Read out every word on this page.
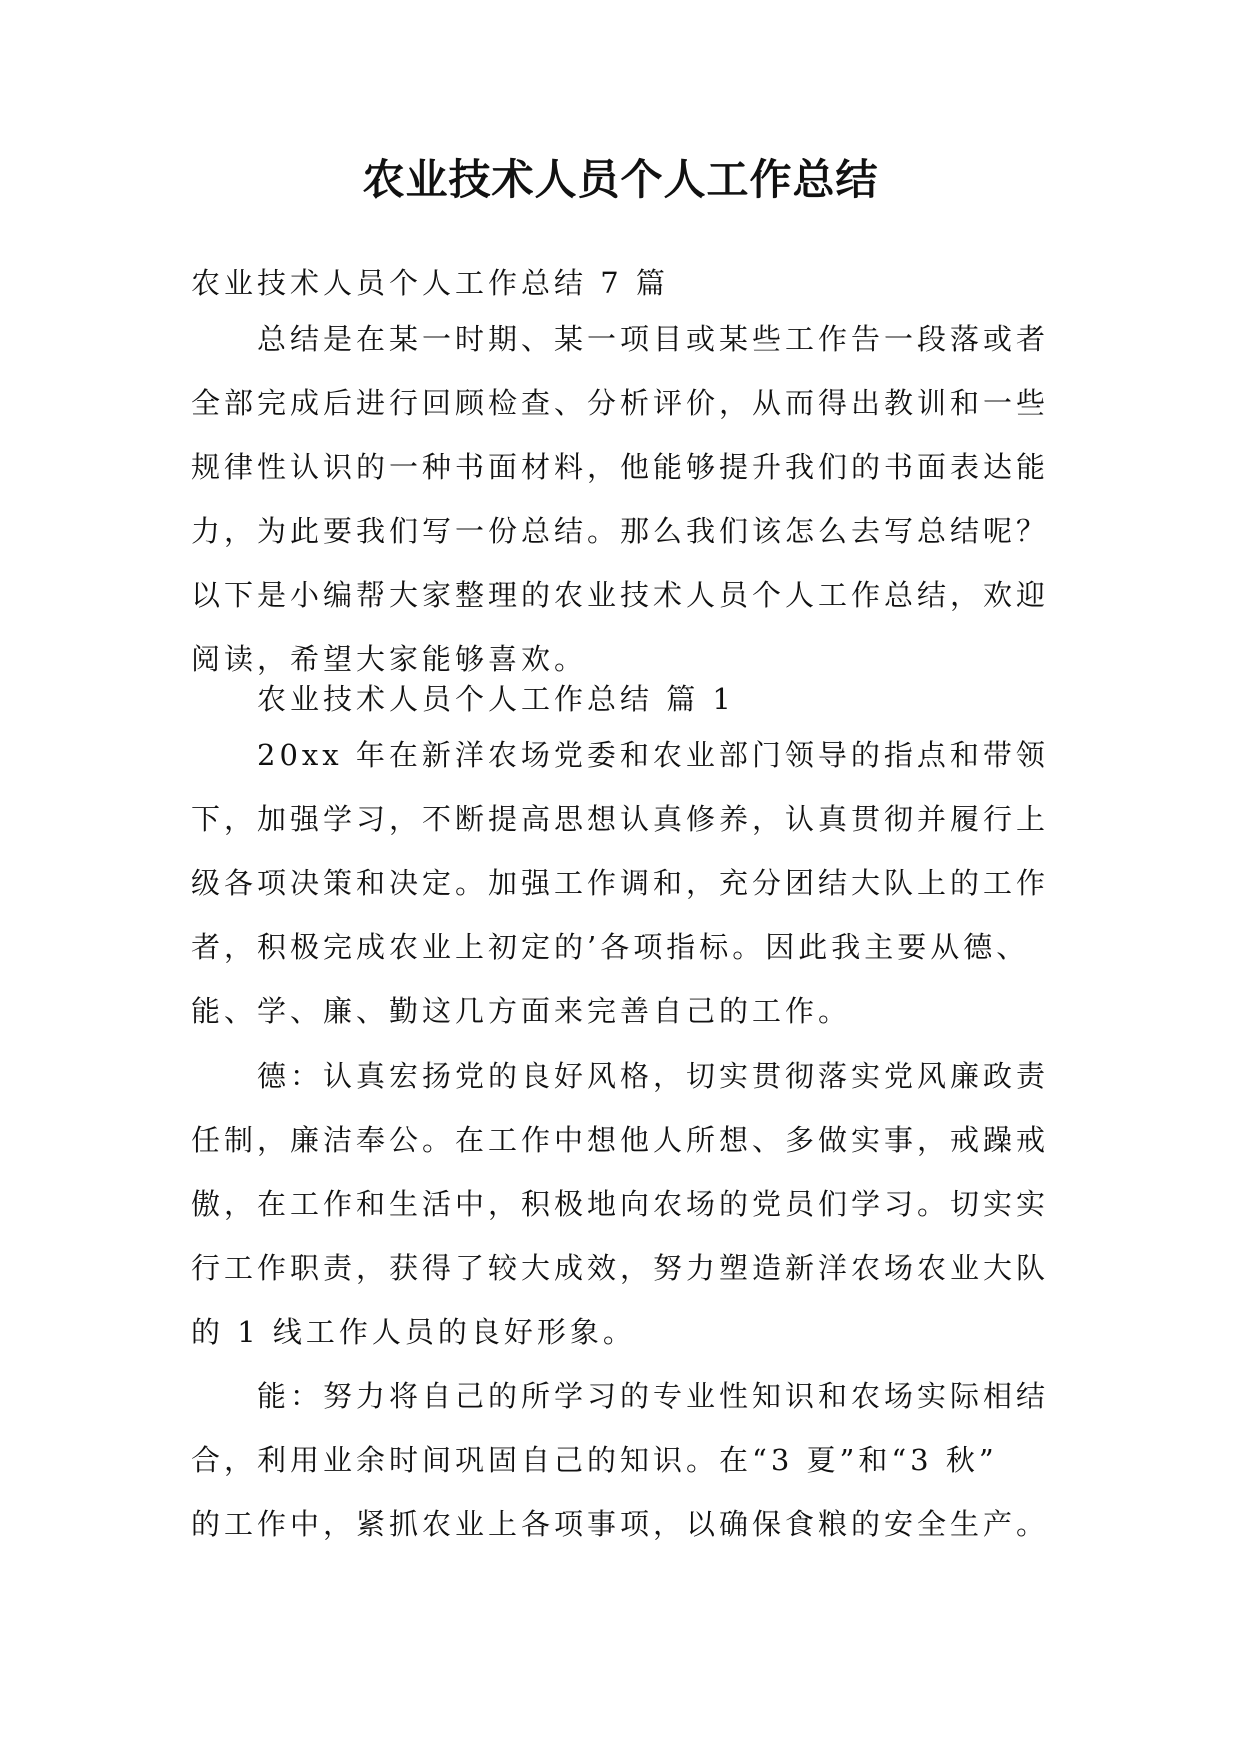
农业技术人员个人工作总结
农业技术人员个人工作总结 7 篇
　　总结是在某一时期、某一项目或某些工作告一段落或者
全部完成后进行回顾检查、分析评价，从而得出教训和一些
规律性认识的一种书面材料，他能够提升我们的书面表达能
力，为此要我们写一份总结。那么我们该怎么去写总结呢？
以下是小编帮大家整理的农业技术人员个人工作总结，欢迎
阅读，希望大家能够喜欢。
　　农业技术人员个人工作总结 篇 1
　　20xx 年在新洋农场党委和农业部门领导的指点和带领
下，加强学习，不断提高思想认真修养，认真贯彻并履行上
级各项决策和决定。加强工作调和，充分团结大队上的工作
者，积极完成农业上初定的’各项指标。因此我主要从德、
能、学、廉、勤这几方面来完善自己的工作。
　　德：认真宏扬党的良好风格，切实贯彻落实党风廉政责
任制，廉洁奉公。在工作中想他人所想、多做实事，戒躁戒
傲，在工作和生活中，积极地向农场的党员们学习。切实实
行工作职责，获得了较大成效，努力塑造新洋农场农业大队
的 1 线工作人员的良好形象。
　　能：努力将自己的所学习的专业性知识和农场实际相结
合，利用业余时间巩固自己的知识。在“3 夏”和“3 秋”
的工作中，紧抓农业上各项事项，以确保食粮的安全生产。
